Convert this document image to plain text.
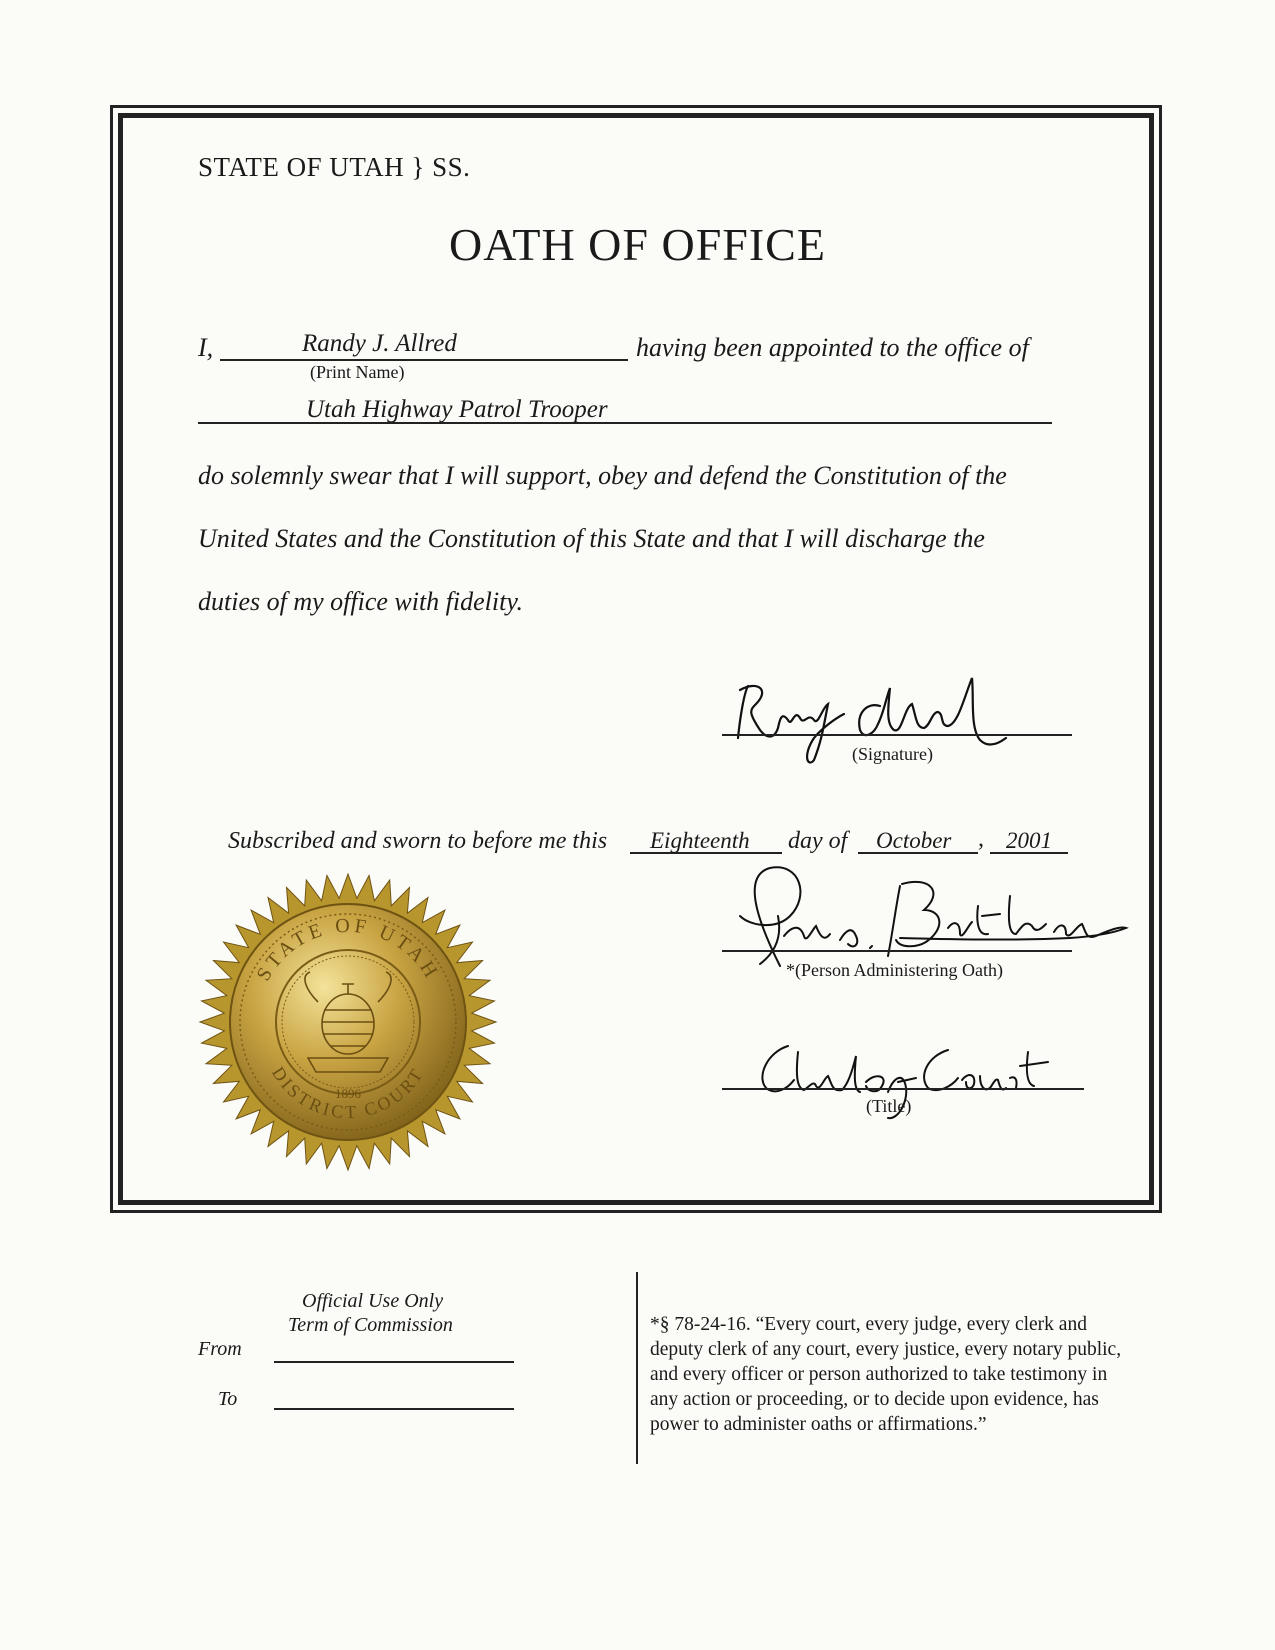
STATE OF UTAH } SS.
OATH OF OFFICE
I,	Randy J. Allred	having been appointed to the office of
(Print Name)
Utah Highway Patrol Trooper
do solemnly swear that I will support, obey and defend the Constitution of the
United States and the Constitution of this State and that I will discharge the
duties of my office with fidelity.
(Signature)
Subscribed and sworn to before me this Eighteenth day of October , 2001
*(Person Administering Oath)
(Title)
STATE OF UTAH
DISTRICT COURT
1896
Official Use Only
Term of Commission
From
To
*§ 78-24-16. “Every court, every judge, every clerk and deputy clerk of any court, every justice, every notary public, and every officer or person authorized to take testimony in any action or proceeding, or to decide upon evidence, has power to administer oaths or affirmations.”
